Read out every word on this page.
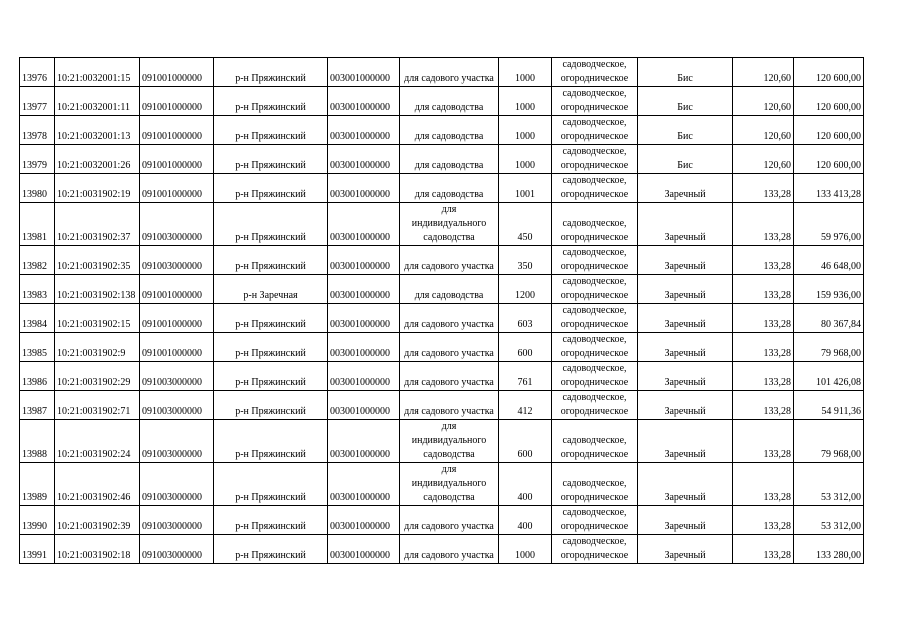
13976	10:21:0032001:15	091001000000	р-н Пряжинский	003001000000	для садового участка	1000	садоводческое,
огородническое	Бис	120,60	120 600,00
13977	10:21:0032001:11	091001000000	р-н Пряжинский	003001000000	для садоводства	1000	садоводческое,
огородническое	Бис	120,60	120 600,00
13978	10:21:0032001:13	091001000000	р-н Пряжинский	003001000000	для садоводства	1000	садоводческое,
огородническое	Бис	120,60	120 600,00
13979	10:21:0032001:26	091001000000	р-н Пряжинский	003001000000	для садоводства	1000	садоводческое,
огородническое	Бис	120,60	120 600,00
13980	10:21:0031902:19	091001000000	р-н Пряжинский	003001000000	для садоводства	1001	садоводческое,
огородническое	Заречный	133,28	133 413,28
13981	10:21:0031902:37	091003000000	р-н Пряжинский	003001000000	для
индивидуального
садоводства	450	садоводческое,
огородническое	Заречный	133,28	59 976,00
13982	10:21:0031902:35	091003000000	р-н Пряжинский	003001000000	для садового участка	350	садоводческое,
огородническое	Заречный	133,28	46 648,00
13983	10:21:0031902:138	091001000000	р-н Заречная	003001000000	для садоводства	1200	садоводческое,
огородническое	Заречный	133,28	159 936,00
13984	10:21:0031902:15	091001000000	р-н Пряжинский	003001000000	для садового участка	603	садоводческое,
огородническое	Заречный	133,28	80 367,84
13985	10:21:0031902:9	091001000000	р-н Пряжинский	003001000000	для садового участка	600	садоводческое,
огородническое	Заречный	133,28	79 968,00
13986	10:21:0031902:29	091003000000	р-н Пряжинский	003001000000	для садового участка	761	садоводческое,
огородническое	Заречный	133,28	101 426,08
13987	10:21:0031902:71	091003000000	р-н Пряжинский	003001000000	для садового участка	412	садоводческое,
огородническое	Заречный	133,28	54 911,36
13988	10:21:0031902:24	091003000000	р-н Пряжинский	003001000000	для
индивидуального
садоводства	600	садоводческое,
огородническое	Заречный	133,28	79 968,00
13989	10:21:0031902:46	091003000000	р-н Пряжинский	003001000000	для
индивидуального
садоводства	400	садоводческое,
огородническое	Заречный	133,28	53 312,00
13990	10:21:0031902:39	091003000000	р-н Пряжинский	003001000000	для садового участка	400	садоводческое,
огородническое	Заречный	133,28	53 312,00
13991	10:21:0031902:18	091003000000	р-н Пряжинский	003001000000	для садового участка	1000	садоводческое,
огородническое	Заречный	133,28	133 280,00
